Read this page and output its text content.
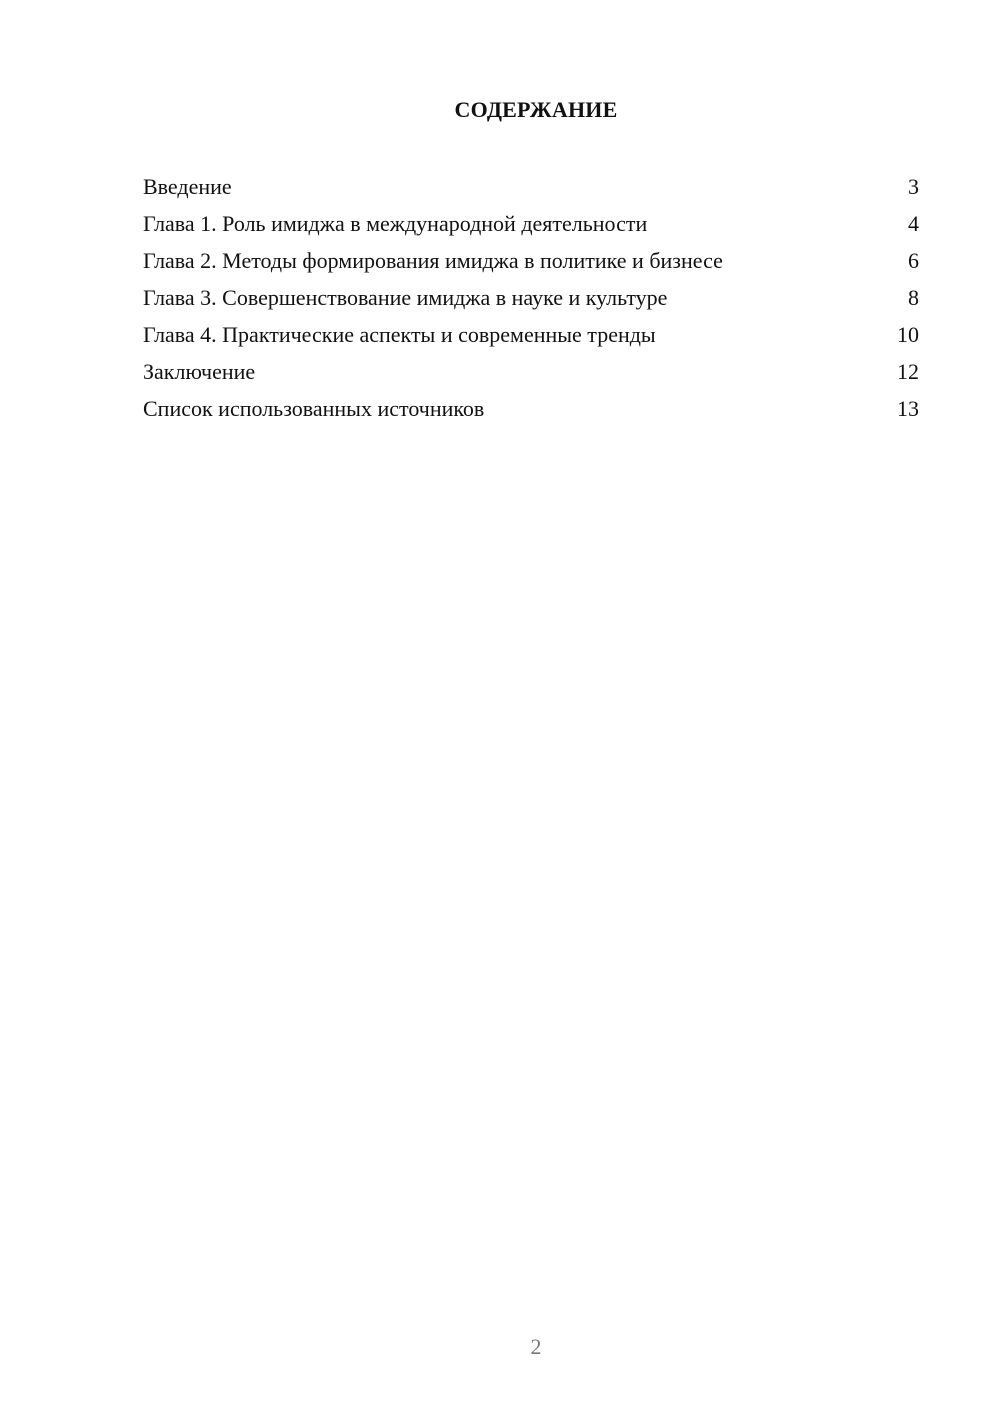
СОДЕРЖАНИЕ
Введение	3
Глава 1. Роль имиджа в международной деятельности	4
Глава 2. Методы формирования имиджа в политике и бизнесе	6
Глава 3. Совершенствование имиджа в науке и культуре	8
Глава 4. Практические аспекты и современные тренды	10
Заключение	12
Список использованных источников	13
2
